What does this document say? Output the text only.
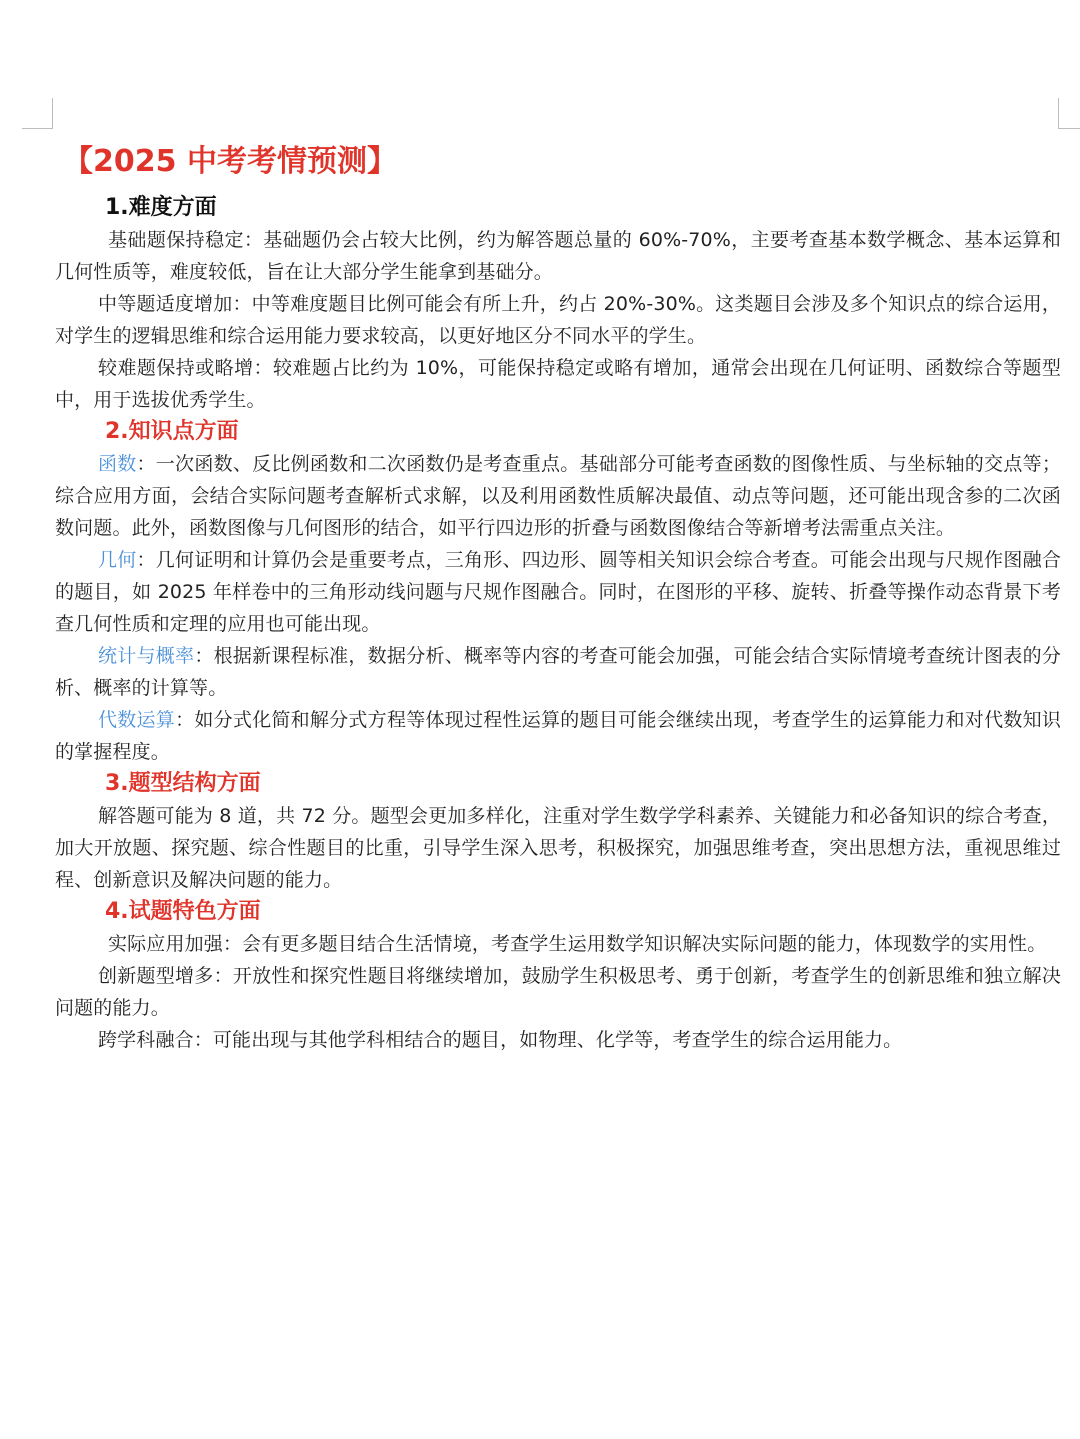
【2025 中考考情预测】
1.难度方面
基础题保持稳定：基础题仍会占较大比例，约为解答题总量的 60%-70%，主要考查基本数学概念、基本运算和几何性质等，难度较低，旨在让大部分学生能拿到基础分。
中等题适度增加：中等难度题目比例可能会有所上升，约占 20%-30%。这类题目会涉及多个知识点的综合运用，对学生的逻辑思维和综合运用能力要求较高，以更好地区分不同水平的学生。
较难题保持或略增：较难题占比约为 10%，可能保持稳定或略有增加，通常会出现在几何证明、函数综合等题型中，用于选拔优秀学生。
2.知识点方面
函数：一次函数、反比例函数和二次函数仍是考查重点。基础部分可能考查函数的图像性质、与坐标轴的交点等；综合应用方面，会结合实际问题考查解析式求解，以及利用函数性质解决最值、动点等问题，还可能出现含参的二次函数问题。此外，函数图像与几何图形的结合，如平行四边形的折叠与函数图像结合等新增考法需重点关注。
几何：几何证明和计算仍会是重要考点，三角形、四边形、圆等相关知识会综合考查。可能会出现与尺规作图融合的题目，如 2025 年样卷中的三角形动线问题与尺规作图融合。同时，在图形的平移、旋转、折叠等操作动态背景下考查几何性质和定理的应用也可能出现。
统计与概率：根据新课程标准，数据分析、概率等内容的考查可能会加强，可能会结合实际情境考查统计图表的分析、概率的计算等。
代数运算：如分式化简和解分式方程等体现过程性运算的题目可能会继续出现，考查学生的运算能力和对代数知识的掌握程度。
3.题型结构方面
解答题可能为 8 道，共 72 分。题型会更加多样化，注重对学生数学学科素养、关键能力和必备知识的综合考查，加大开放题、探究题、综合性题目的比重，引导学生深入思考，积极探究，加强思维考查，突出思想方法，重视思维过程、创新意识及解决问题的能力。
4.试题特色方面
实际应用加强：会有更多题目结合生活情境，考查学生运用数学知识解决实际问题的能力，体现数学的实用性。
创新题型增多：开放性和探究性题目将继续增加，鼓励学生积极思考、勇于创新，考查学生的创新思维和独立解决问题的能力。
跨学科融合：可能出现与其他学科相结合的题目，如物理、化学等，考查学生的综合运用能力。
